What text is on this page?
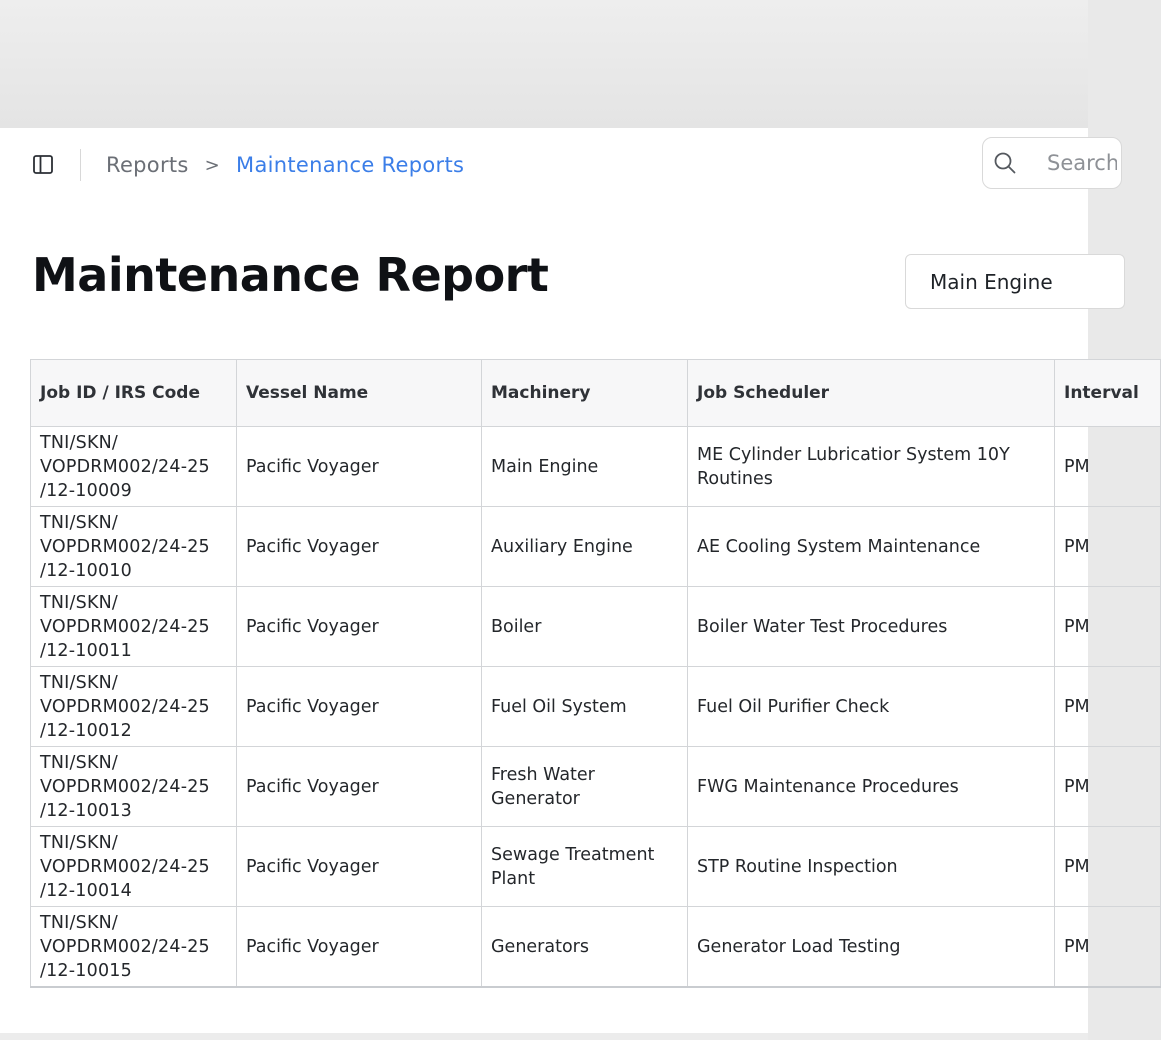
Reports > Maintenance Reports
Search
Maintenance Report	Main Engine
Job ID / IRS Code	Vessel Name	Machinery	Job Scheduler	Interval
TNI/SKN/ VOPDRM002/24-25 /12-10009	Pacific Voyager	Main Engine	ME Cylinder Lubricatior System 10Y Routines	PM
TNI/SKN/ VOPDRM002/24-25 /12-10010	Pacific Voyager	Auxiliary Engine	AE Cooling System Maintenance	PM
TNI/SKN/ VOPDRM002/24-25 /12-10011	Pacific Voyager	Boiler	Boiler Water Test Procedures	PM
TNI/SKN/ VOPDRM002/24-25 /12-10012	Pacific Voyager	Fuel Oil System	Fuel Oil Purifier Check	PM
TNI/SKN/ VOPDRM002/24-25 /12-10013	Pacific Voyager	Fresh Water Generator	FWG Maintenance Procedures	PM
TNI/SKN/ VOPDRM002/24-25 /12-10014	Pacific Voyager	Sewage Treatment Plant	STP Routine Inspection	PM
TNI/SKN/ VOPDRM002/24-25 /12-10015	Pacific Voyager	Generators	Generator Load Testing	PM
